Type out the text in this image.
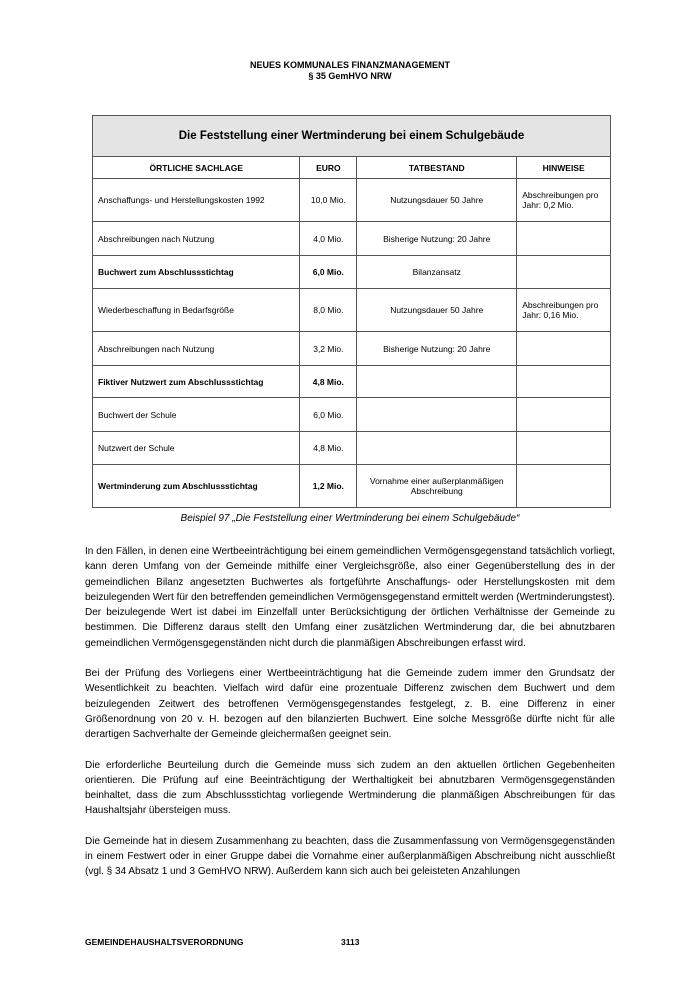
NEUES KOMMUNALES FINANZMANAGEMENT
§ 35 GemHVO NRW
Die Feststellung einer Wertminderung bei einem Schulgebäude			
ÖRTLICHE SACHLAGE	EURO	TATBESTAND	HINWEISE
Anschaffungs- und Herstellungskosten 1992	10,0 Mio.	Nutzungsdauer 50 Jahre	Abschreibungen pro Jahr: 0,2 Mio.
Abschreibungen nach Nutzung	4,0 Mio.	Bisherige Nutzung: 20 Jahre	
Buchwert zum Abschlussstichtag	6,0 Mio.	Bilanzansatz	
Wiederbeschaffung in Bedarfsgröße	8,0 Mio.	Nutzungsdauer 50 Jahre	Abschreibungen pro Jahr: 0,16 Mio.
Abschreibungen nach Nutzung	3,2 Mio.	Bisherige Nutzung: 20 Jahre	
Fiktiver Nutzwert zum Abschlussstichtag	4,8 Mio.		
Buchwert der Schule	6,0 Mio.		
Nutzwert der Schule	4,8 Mio.		
Wertminderung zum Abschlussstichtag	1,2 Mio.	Vornahme einer außerplanmäßigen Abschreibung	
Beispiel 97 „Die Feststellung einer Wertminderung bei einem Schulgebäude“

In den Fällen, in denen eine Wertbeeinträchtigung bei einem gemeindlichen Vermögensgegenstand tatsächlich vorliegt, kann deren Umfang von der Gemeinde mithilfe einer Vergleichsgröße, also einer Gegenüberstellung des in der gemeindlichen Bilanz angesetzten Buchwertes als fortgeführte Anschaffungs- oder Herstellungskosten mit dem beizulegenden Wert für den betreffenden gemeindlichen Vermögensgegenstand ermittelt werden (Wertminderungstest). Der beizulegende Wert ist dabei im Einzelfall unter Berücksichtigung der örtlichen Verhältnisse der Gemeinde zu bestimmen. Die Differenz daraus stellt den Umfang einer zusätzlichen Wertminderung dar, die bei abnutzbaren gemeindlichen Vermögensgegenständen nicht durch die planmäßigen Abschreibungen erfasst wird.

Bei der Prüfung des Vorliegens einer Wertbeeinträchtigung hat die Gemeinde zudem immer den Grundsatz der Wesentlichkeit zu beachten. Vielfach wird dafür eine prozentuale Differenz zwischen dem Buchwert und dem beizulegenden Zeitwert des betroffenen Vermögensgegenstandes festgelegt, z. B. eine Differenz in einer Größenordnung von 20 v. H. bezogen auf den bilanzierten Buchwert. Eine solche Messgröße dürfte nicht für alle derartigen Sachverhalte der Gemeinde gleichermaßen geeignet sein.

Die erforderliche Beurteilung durch die Gemeinde muss sich zudem an den aktuellen örtlichen Gegebenheiten orientieren. Die Prüfung auf eine Beeinträchtigung der Werthaltigkeit bei abnutzbaren Vermögensgegenständen beinhaltet, dass die zum Abschlussstichtag vorliegende Wertminderung die planmäßigen Abschreibungen für das Haushaltsjahr übersteigen muss.

Die Gemeinde hat in diesem Zusammenhang zu beachten, dass die Zusammenfassung von Vermögensgegenständen in einem Festwert oder in einer Gruppe dabei die Vornahme einer außerplanmäßigen Abschreibung nicht ausschließt (vgl. § 34 Absatz 1 und 3 GemHVO NRW). Außerdem kann sich auch bei geleisteten Anzahlungen

GEMEINDEHAUSHALTSVERORDNUNG	3113
